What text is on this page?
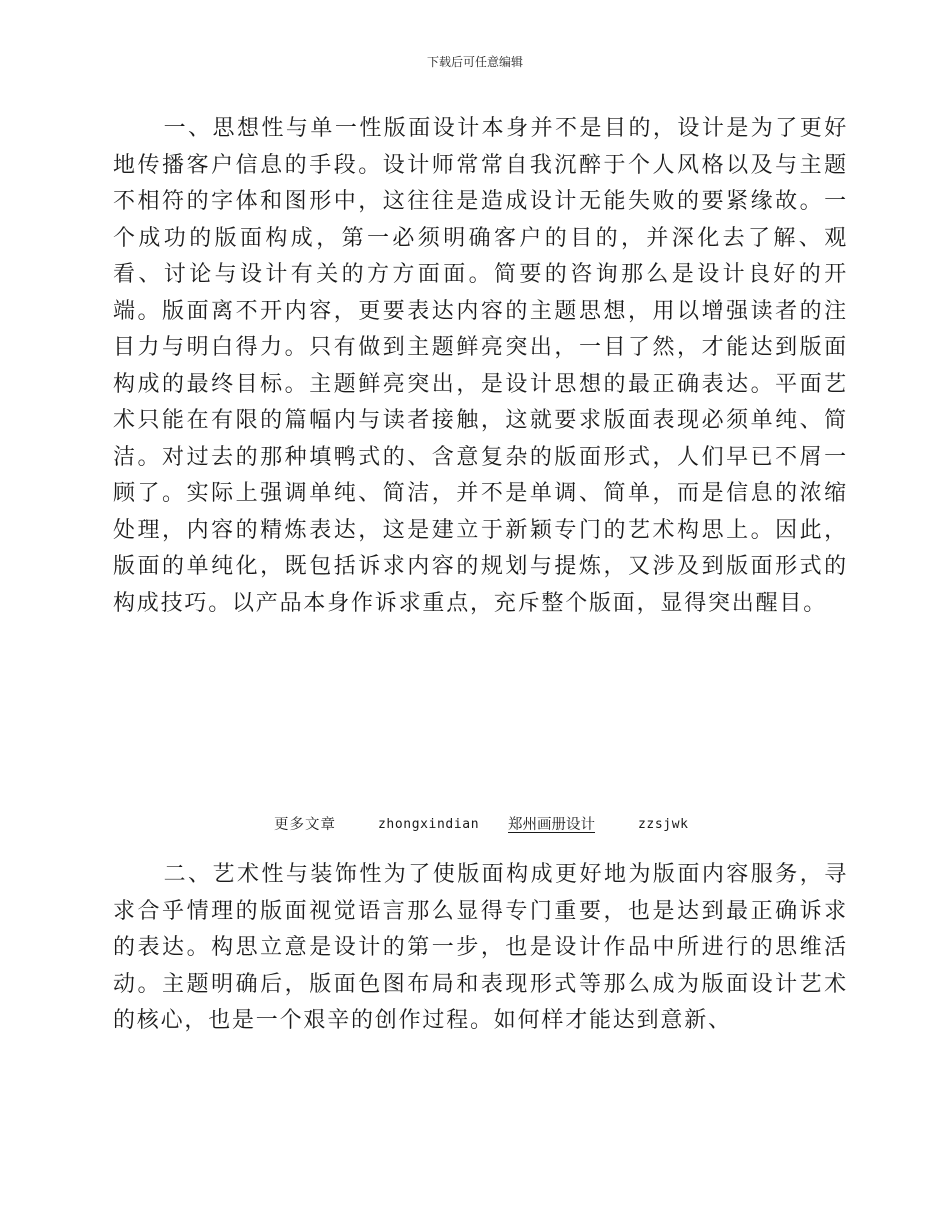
下载后可任意编辑

一、思想性与单一性版面设计本身并不是目的，设计是为了更好地传播客户信息的手段。设计师常常自我沉醉于个人风格以及与主题不相符的字体和图形中，这往往是造成设计无能失败的要紧缘故。一个成功的版面构成，第一必须明确客户的目的，并深化去了解、观看、讨论与设计有关的方方面面。简要的咨询那么是设计良好的开端。版面离不开内容，更要表达内容的主题思想，用以增强读者的注目力与明白得力。只有做到主题鲜亮突出，一目了然，才能达到版面构成的最终目标。主题鲜亮突出，是设计思想的最正确表达。平面艺术只能在有限的篇幅内与读者接触，这就要求版面表现必须单纯、简洁。对过去的那种填鸭式的、含意复杂的版面形式，人们早已不屑一顾了。实际上强调单纯、简洁，并不是单调、简单，而是信息的浓缩处理，内容的精炼表达，这是建立于新颖专门的艺术构思上。因此，版面的单纯化，既包括诉求内容的规划与提炼，又涉及到版面形式的构成技巧。以产品本身作诉求重点，充斥整个版面，显得突出醒目。

更多文章	zhongxindian 郑州画册设计	zzsjwk

二、艺术性与装饰性为了使版面构成更好地为版面内容服务，寻求合乎情理的版面视觉语言那么显得专门重要，也是达到最正确诉求的表达。构思立意是设计的第一步，也是设计作品中所进行的思维活动。主题明确后，版面色图布局和表现形式等那么成为版面设计艺术的核心，也是一个艰辛的创作过程。如何样才能达到意新、
